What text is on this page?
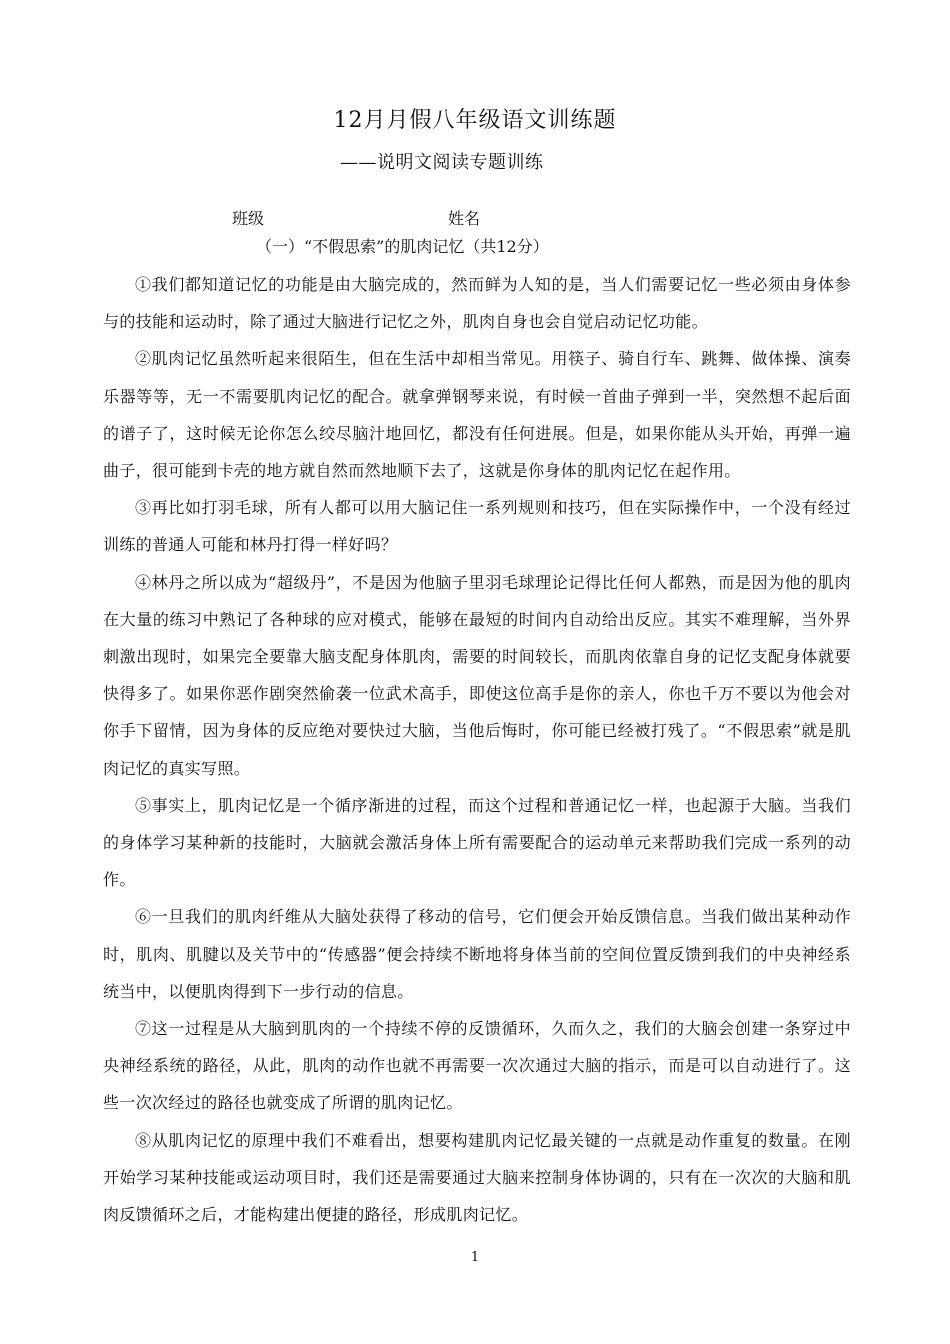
12月月假八年级语文训练题
——说明文阅读专题训练
班级	姓名
（一）“不假思索”的肌肉记忆（共12分）

①我们都知道记忆的功能是由大脑完成的，然而鲜为人知的是，当人们需要记忆一些必须由身体参与的技能和运动时，除了通过大脑进行记忆之外，肌肉自身也会自觉启动记忆功能。

②肌肉记忆虽然听起来很陌生，但在生活中却相当常见。用筷子、骑自行车、跳舞、做体操、演奏乐器等等，无一不需要肌肉记忆的配合。就拿弹钢琴来说，有时候一首曲子弹到一半，突然想不起后面的谱子了，这时候无论你怎么绞尽脑汁地回忆，都没有任何进展。但是，如果你能从头开始，再弹一遍曲子，很可能到卡壳的地方就自然而然地顺下去了，这就是你身体的肌肉记忆在起作用。

③再比如打羽毛球，所有人都可以用大脑记住一系列规则和技巧，但在实际操作中，一个没有经过训练的普通人可能和林丹打得一样好吗？

④林丹之所以成为“超级丹”，不是因为他脑子里羽毛球理论记得比任何人都熟，而是因为他的肌肉在大量的练习中熟记了各种球的应对模式，能够在最短的时间内自动给出反应。其实不难理解，当外界刺激出现时，如果完全要靠大脑支配身体肌肉，需要的时间较长，而肌肉依靠自身的记忆支配身体就要快得多了。如果你恶作剧突然偷袭一位武术高手，即使这位高手是你的亲人，你也千万不要以为他会对你手下留情，因为身体的反应绝对要快过大脑，当他后悔时，你可能已经被打残了。“不假思索”就是肌肉记忆的真实写照。

⑤事实上，肌肉记忆是一个循序渐进的过程，而这个过程和普通记忆一样，也起源于大脑。当我们的身体学习某种新的技能时，大脑就会激活身体上所有需要配合的运动单元来帮助我们完成一系列的动作。

⑥一旦我们的肌肉纤维从大脑处获得了移动的信号，它们便会开始反馈信息。当我们做出某种动作时，肌肉、肌腱以及关节中的“传感器”便会持续不断地将身体当前的空间位置反馈到我们的中央神经系统当中，以便肌肉得到下一步行动的信息。

⑦这一过程是从大脑到肌肉的一个持续不停的反馈循环，久而久之，我们的大脑会创建一条穿过中央神经系统的路径，从此，肌肉的动作也就不再需要一次次通过大脑的指示，而是可以自动进行了。这些一次次经过的路径也就变成了所谓的肌肉记忆。

⑧从肌肉记忆的原理中我们不难看出，想要构建肌肉记忆最关键的一点就是动作重复的数量。在刚开始学习某种技能或运动项目时，我们还是需要通过大脑来控制身体协调的，只有在一次次的大脑和肌肉反馈循环之后，才能构建出便捷的路径，形成肌肉记忆。

1
